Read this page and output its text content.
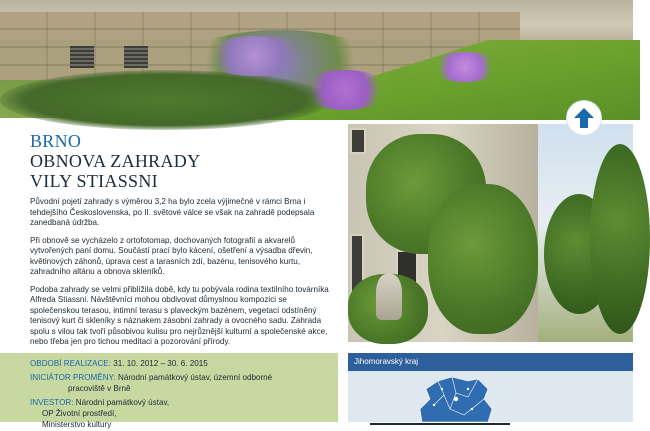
BRNO
OBNOVA ZAHRADY
VILY STIASSNI

Původní pojetí zahrady s výměrou 3,2 ha bylo zcela výjimečné v rámci Brna i tehdejšího Československa, po II. světové válce se však na zahradě podepsala zanedbaná údržba.

Při obnově se vycházelo z ortofotomap, dochovaných fotografií a akvarelů vytvořených paní domu. Součástí prací bylo kácení, ošetření a výsadba dřevin, květinových záhonů, úprava cest a tarasních zdí, bazénu, tenisového kurtu, zahradního altánu a obnova skleníků.

Podoba zahrady se velmi přiblížila době, kdy tu pobývala rodina textilního továrníka Alfreda Stiassni. Návštěvníci mohou obdivovat důmyslnou kompozici se společenskou terasou, intimní terasu s plaveckým bazénem, vegetací odstíněný tenisový kurt či skleníky s náznakem zásobní zahrady a ovocného sadu. Zahrada spolu s vilou tak tvoří působivou kulisu pro nejrůznější kulturní a společenské akce, nebo třeba jen pro tichou meditaci a pozorování přírody.

OBDOBÍ REALIZACE: 31. 10. 2012 – 30. 6. 2015
INICIÁTOR PROMĚNY: Národní památkový ústav, územní odborné
pracoviště v Brně
INVESTOR: Národní památkový ústav,
OP Životní prostředí,
Ministerstvo kultury
Jihomoravský kraj
